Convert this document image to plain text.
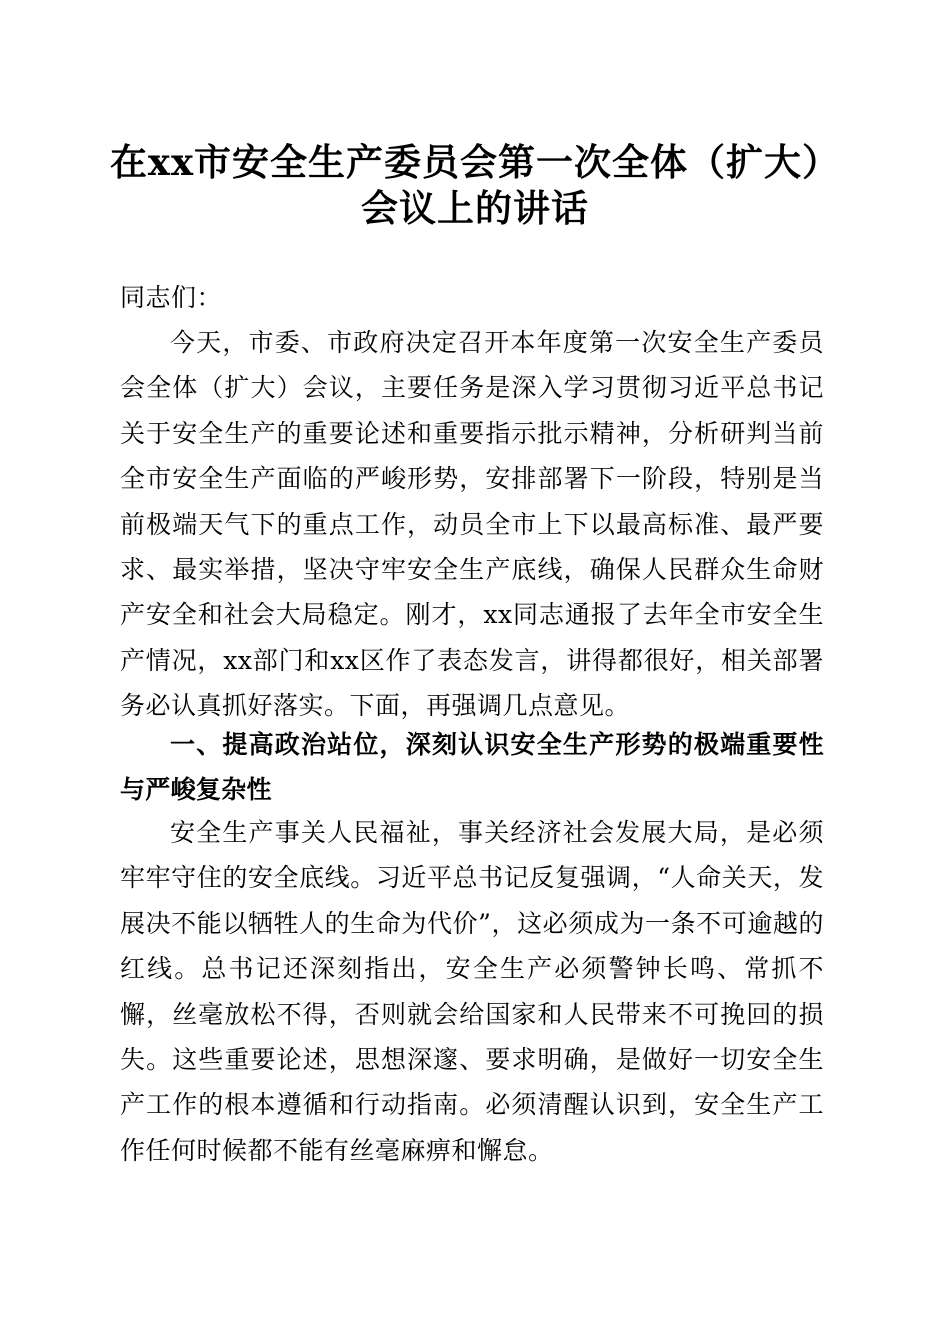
在xx市安全生产委员会第一次全体（扩大）
会议上的讲话

同志们：

今天，市委、市政府决定召开本年度第一次安全生产委员会全体（扩大）会议，主要任务是深入学习贯彻习近平总书记关于安全生产的重要论述和重要指示批示精神，分析研判当前全市安全生产面临的严峻形势，安排部署下一阶段，特别是当前极端天气下的重点工作，动员全市上下以最高标准、最严要求、最实举措，坚决守牢安全生产底线，确保人民群众生命财产安全和社会大局稳定。刚才，xx同志通报了去年全市安全生产情况，xx部门和xx区作了表态发言，讲得都很好，相关部署务必认真抓好落实。下面，再强调几点意见。

一、提高政治站位，深刻认识安全生产形势的极端重要性与严峻复杂性

安全生产事关人民福祉，事关经济社会发展大局，是必须牢牢守住的安全底线。习近平总书记反复强调，“人命关天，发展决不能以牺牲人的生命为代价”，这必须成为一条不可逾越的红线。总书记还深刻指出，安全生产必须警钟长鸣、常抓不懈，丝毫放松不得，否则就会给国家和人民带来不可挽回的损失。这些重要论述，思想深邃、要求明确，是做好一切安全生产工作的根本遵循和行动指南。必须清醒认识到，安全生产工作任何时候都不能有丝毫麻痹和懈怠。
